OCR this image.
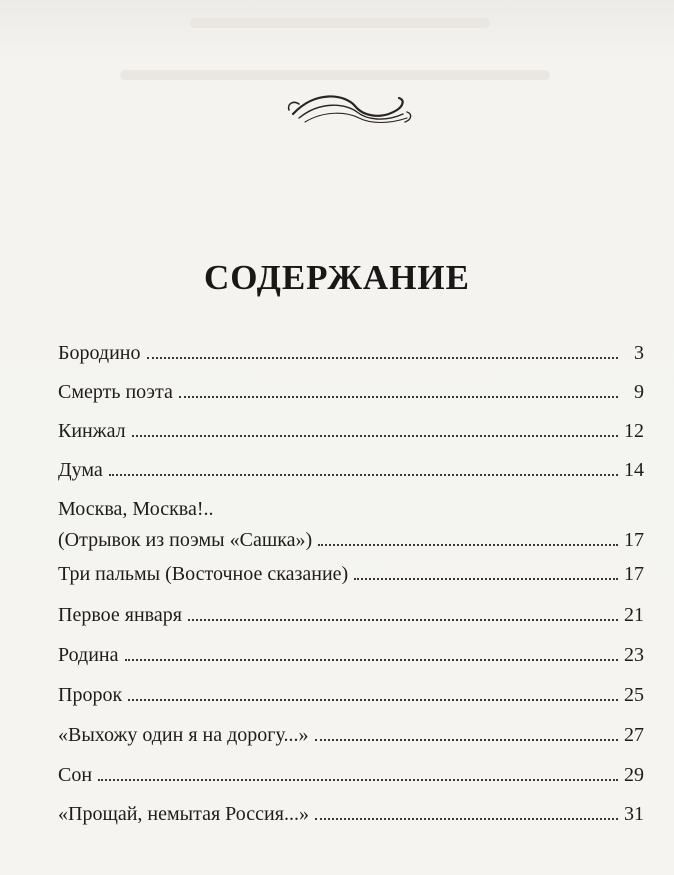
СОДЕРЖАНИЕ
Бородино	3
Смерть поэта	9
Кинжал	12
Дума	14
Москва, Москва!..
(Отрывок из поэмы «Сашка»)	17
Три пальмы (Восточное сказание)	17
Первое января	21
Родина	23
Пророк	25
«Выхожу один я на дорогу...»	27
Сон	29
«Прощай, немытая Россия...»	31
